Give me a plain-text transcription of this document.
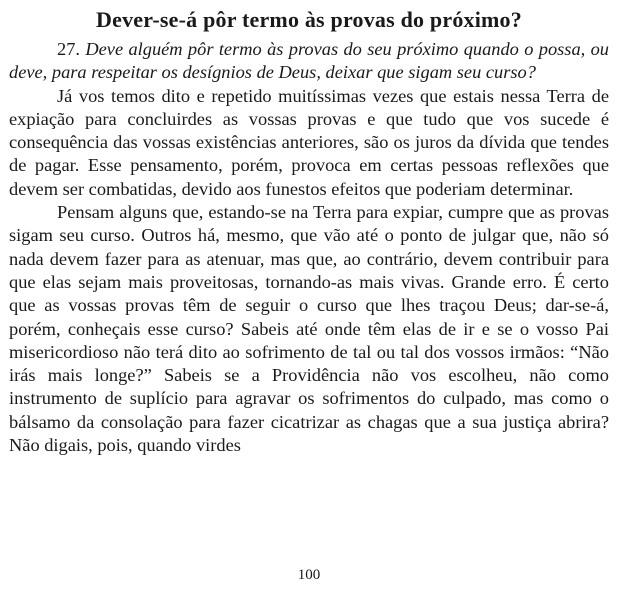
Dever-se-á pôr termo às provas do próximo?

27. Deve alguém pôr termo às provas do seu próximo quando o possa, ou deve, para respeitar os desígnios de Deus, deixar que sigam seu curso?

Já vos temos dito e repetido muitíssimas vezes que estais nessa Terra de expiação para concluirdes as vossas provas e que tudo que vos sucede é consequência das vossas existências anteriores, são os juros da dívida que tendes de pagar. Esse pensamento, porém, provoca em certas pessoas reflexões que devem ser combatidas, devido aos funestos efeitos que poderiam determinar.

Pensam alguns que, estando-se na Terra para expiar, cumpre que as provas sigam seu curso. Outros há, mesmo, que vão até o ponto de julgar que, não só nada devem fazer para as atenuar, mas que, ao contrário, devem contribuir para que elas sejam mais proveitosas, tornando-as mais vivas. Grande erro. É certo que as vossas provas têm de seguir o curso que lhes traçou Deus; dar-se-á, porém, conheçais esse curso? Sabeis até onde têm elas de ir e se o vosso Pai misericordioso não terá dito ao sofrimento de tal ou tal dos vossos irmãos: “Não irás mais longe?” Sabeis se a Providência não vos escolheu, não como instrumento de suplício para agravar os sofrimentos do culpado, mas como o bálsamo da consolação para fazer cicatrizar as chagas que a sua justiça abrira? Não digais, pois, quando virdes

100
